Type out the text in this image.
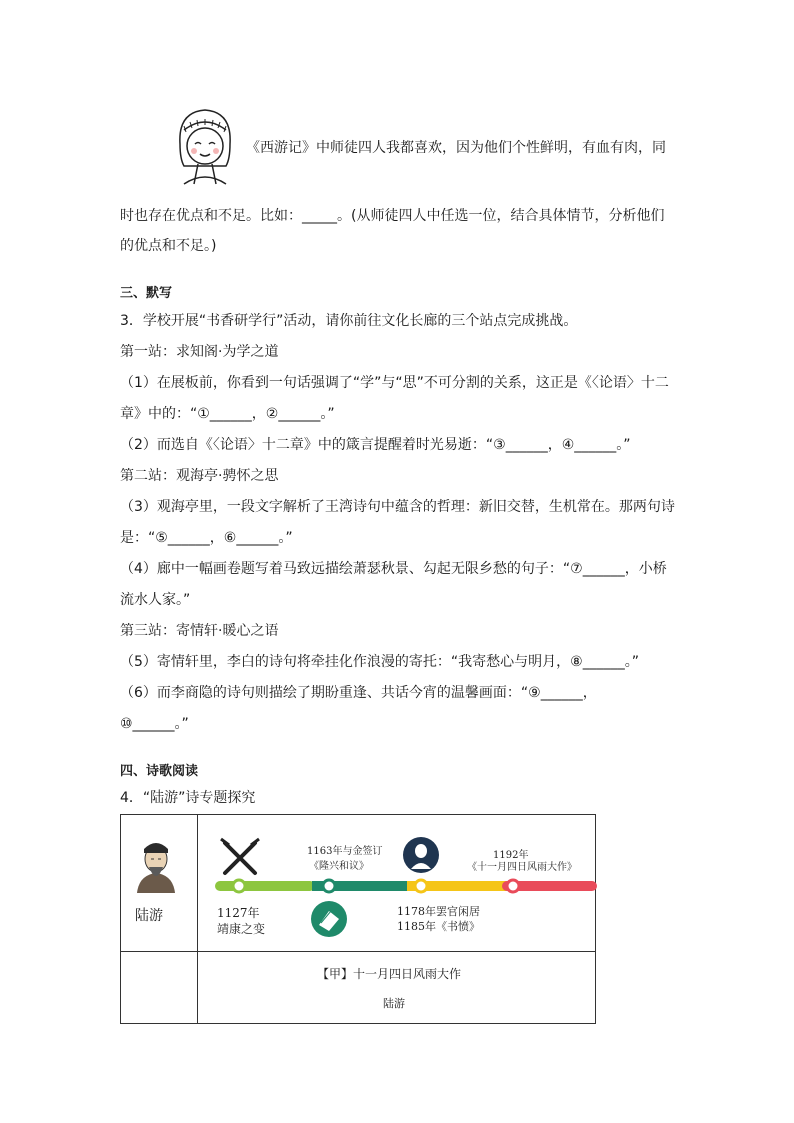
《西游记》中师徒四人我都喜欢，因为他们个性鲜明，有血有肉，同
时也存在优点和不足。比如：_____。(从师徒四人中任选一位，结合具体情节，分析他们
的优点和不足。)
三、默写
3．学校开展“书香研学行”活动，请你前往文化长廊的三个站点完成挑战。
第一站：求知阁·为学之道
（1）在展板前，你看到一句话强调了“学”与“思”不可分割的关系，这正是《〈论语〉十二
章》中的：“①______，②______。”
（2）而选自《〈论语〉十二章》中的箴言提醒着时光易逝：“③______，④______。”
第二站：观海亭·骋怀之思
（3）观海亭里，一段文字解析了王湾诗句中蕴含的哲理：新旧交替，生机常在。那两句诗
是：“⑤______，⑥______。”
（4）廊中一幅画卷题写着马致远描绘萧瑟秋景、勾起无限乡愁的句子：“⑦______，小桥
流水人家。”
第三站：寄情轩·暖心之语
（5）寄情轩里，李白的诗句将牵挂化作浪漫的寄托：“我寄愁心与明月，⑧______。”
（6）而李商隐的诗句则描绘了期盼重逢、共话今宵的温馨画面：“⑨______，
⑩______。”
四、诗歌阅读
4．“陆游”诗专题探究
陆游
1163年与金签订
《隆兴和议》
1192年
《十一月四日风雨大作》
1127年
靖康之变
1178年罢官闲居
1185年《书愤》
【甲】十一月四日风雨大作
陆游
